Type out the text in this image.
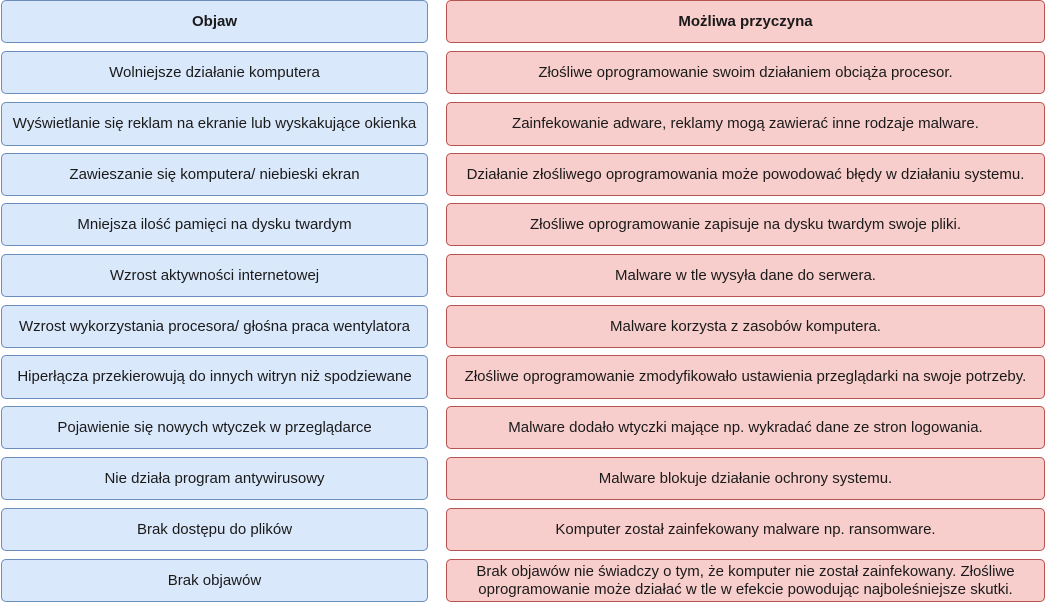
Objaw
Wolniejsze działanie komputera
Wyświetlanie się reklam na ekranie lub wyskakujące okienka
Zawieszanie się komputera/ niebieski ekran
Mniejsza ilość pamięci na dysku twardym
Wzrost aktywności internetowej
Wzrost wykorzystania procesora/ głośna praca wentylatora
Hiperłącza przekierowują do innych witryn niż spodziewane
Pojawienie się nowych wtyczek w przeglądarce
Nie działa program antywirusowy
Brak dostępu do plików
Brak objawów
Możliwa przyczyna
Złośliwe oprogramowanie swoim działaniem obciąża procesor.
Zainfekowanie adware, reklamy mogą zawierać inne rodzaje malware.
Działanie złośliwego oprogramowania może powodować błędy w działaniu systemu.
Złośliwe oprogramowanie zapisuje na dysku twardym swoje pliki.
Malware w tle wysyła dane do serwera.
Malware korzysta z zasobów komputera.
Złośliwe oprogramowanie zmodyfikowało ustawienia przeglądarki na swoje potrzeby.
Malware dodało wtyczki mające np. wykradać dane ze stron logowania.
Malware blokuje działanie ochrony systemu.
Komputer został zainfekowany malware np. ransomware.
Brak objawów nie świadczy o tym, że komputer nie został zainfekowany. Złośliwe oprogramowanie może działać w tle w efekcie powodując najboleśniejsze skutki.
